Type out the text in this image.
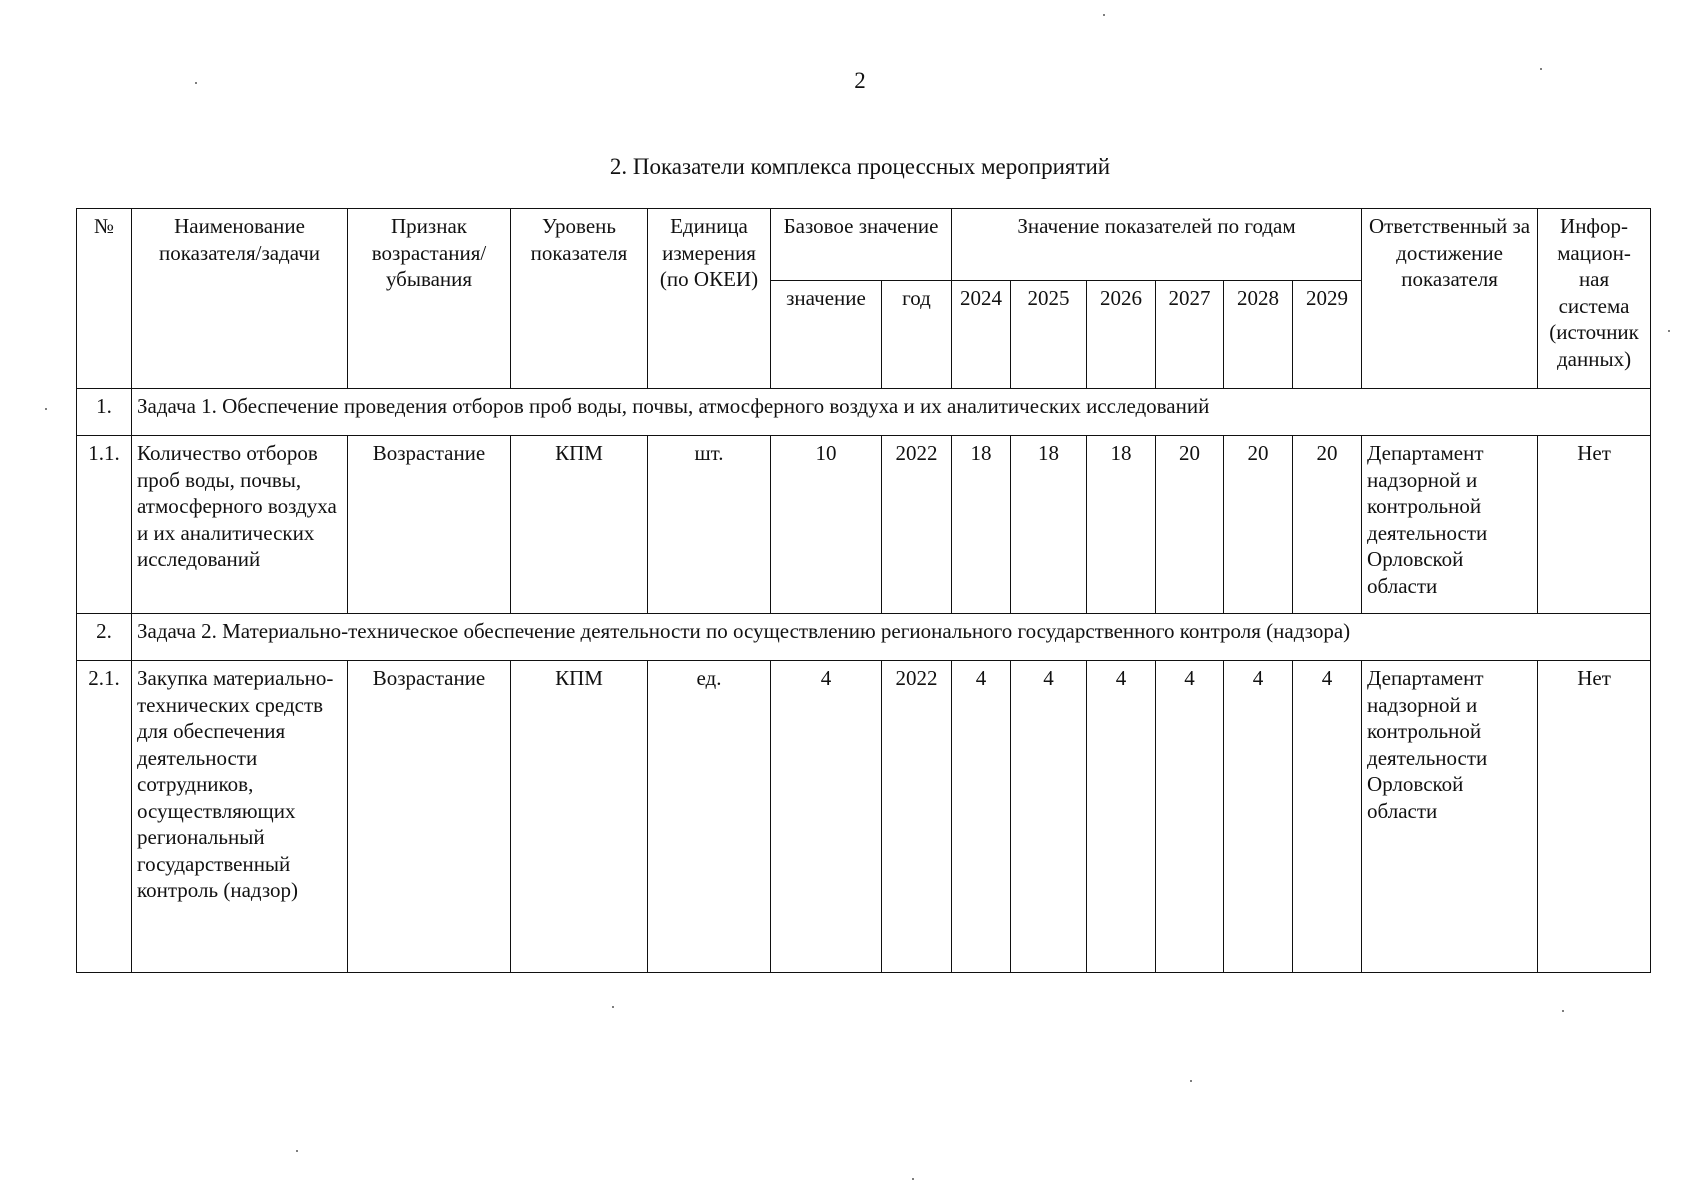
2
2. Показатели комплекса процессных мероприятий
№	Наименование показателя/задачи	Признак возрастания/ убывания	Уровень показателя	Единица измерения (по ОКЕИ)	Базовое значение		Значение показателей по годам						Ответственный за достижение показателя	Инфор-мацион-ная система (источник данных)
					значение	год	2024	2025	2026	2027	2028	2029		
1.	Задача 1. Обеспечение проведения отборов проб воды, почвы, атмосферного воздуха и их аналитических исследований													
1.1.	Количество отборов проб воды, почвы, атмосферного воздуха и их аналитических исследований	Возрастание	КПМ	шт.	10	2022	18	18	18	20	20	20	Департамент надзорной и контрольной деятельности Орловской области	Нет
2.	Задача 2. Материально-техническое обеспечение деятельности по осуществлению регионального государственного контроля (надзора)													
2.1.	Закупка материально-технических средств для обеспечения деятельности сотрудников, осуществляющих региональный государственный контроль (надзор)	Возрастание	КПМ	ед.	4	2022	4	4	4	4	4	4	Департамент надзорной и контрольной деятельности Орловской области	Нет
